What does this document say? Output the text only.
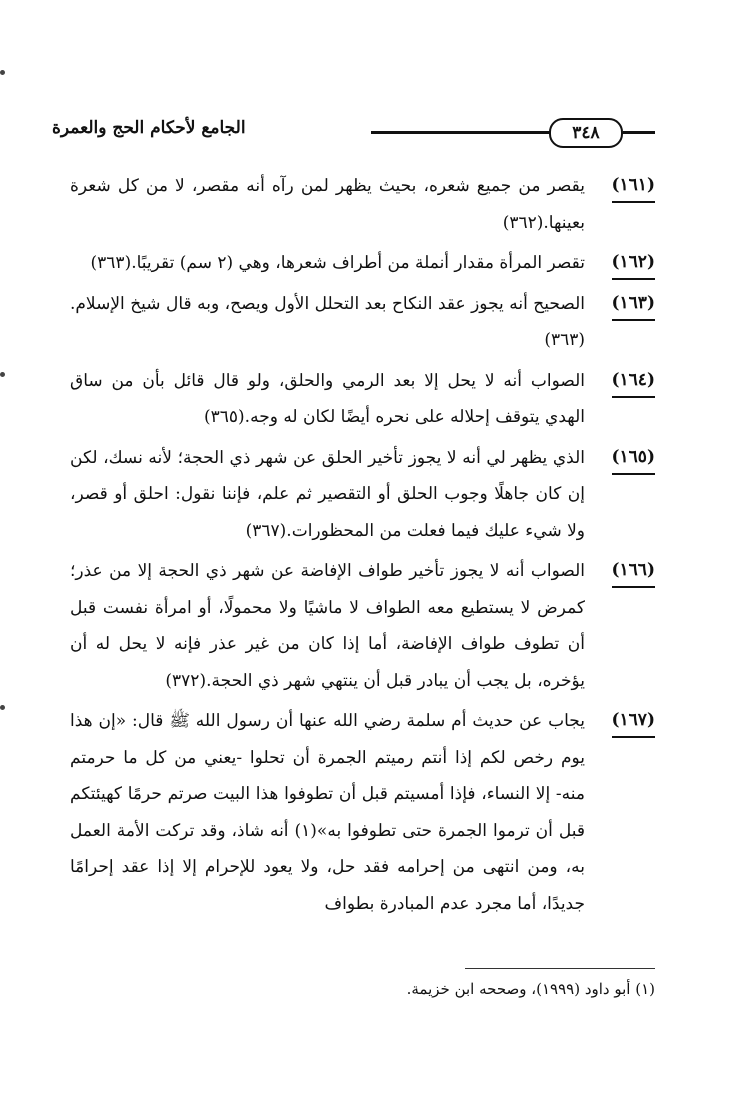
٣٤٨
الجامع لأحكام الحج والعمرة
(١٦١)
يقصر من جميع شعره، بحيث يظهر لمن رآه أنه مقصر، لا من كل شعرة بعينها.(٣٦٢)
(١٦٢)
تقصر المرأة مقدار أنملة من أطراف شعرها، وهي (٢ سم) تقريبًا.(٣٦٣)
(١٦٣)
الصحيح أنه يجوز عقد النكاح بعد التحلل الأول ويصح، وبه قال شيخ الإسلام.(٣٦٣)
(١٦٤)
الصواب أنه لا يحل إلا بعد الرمي والحلق، ولو قال قائل بأن من ساق الهدي يتوقف إحلاله على نحره أيضًا لكان له وجه.(٣٦٥)
(١٦٥)
الذي يظهر لي أنه لا يجوز تأخير الحلق عن شهر ذي الحجة؛ لأنه نسك، لكن إن كان جاهلًا وجوب الحلق أو التقصير ثم علم، فإننا نقول: احلق أو قصر، ولا شيء عليك فيما فعلت من المحظورات.(٣٦٧)
(١٦٦)
الصواب أنه لا يجوز تأخير طواف الإفاضة عن شهر ذي الحجة إلا من عذر؛ كمرض لا يستطيع معه الطواف لا ماشيًا ولا محمولًا، أو امرأة نفست قبل أن تطوف طواف الإفاضة، أما إذا كان من غير عذر فإنه لا يحل له أن يؤخره، بل يجب أن يبادر قبل أن ينتهي شهر ذي الحجة.(٣٧٢)
(١٦٧)
يجاب عن حديث أم سلمة رضي الله عنها أن رسول الله ﷺ قال: «إن هذا يوم رخص لكم إذا أنتم رميتم الجمرة أن تحلوا -يعني من كل ما حرمتم منه- إلا النساء، فإذا أمسيتم قبل أن تطوفوا هذا البيت صرتم حرمًا كهيئتكم قبل أن ترموا الجمرة حتى تطوفوا به»(١) أنه شاذ، وقد تركت الأمة العمل به، ومن انتهى من إحرامه فقد حل، ولا يعود للإحرام إلا إذا عقد إحرامًا جديدًا، أما مجرد عدم المبادرة بطواف
(١) أبو داود (١٩٩٩)، وصححه ابن خزيمة.
